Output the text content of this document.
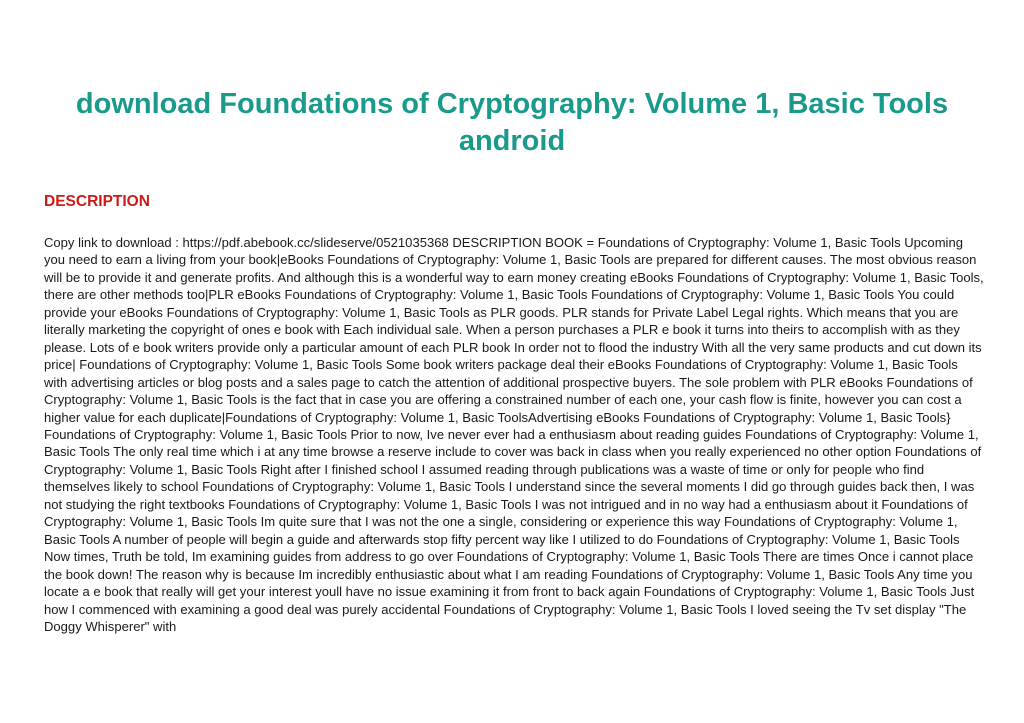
download Foundations of Cryptography: Volume 1, Basic Tools android
DESCRIPTION

Copy link to download : https://pdf.abebook.cc/slideserve/0521035368 DESCRIPTION BOOK = Foundations of Cryptography: Volume 1, Basic Tools Upcoming you need to earn a living from your book|eBooks Foundations of Cryptography: Volume 1, Basic Tools are prepared for different causes. The most obvious reason will be to provide it and generate profits. And although this is a wonderful way to earn money creating eBooks Foundations of Cryptography: Volume 1, Basic Tools, there are other methods too|PLR eBooks Foundations of Cryptography: Volume 1, Basic Tools Foundations of Cryptography: Volume 1, Basic Tools You could provide your eBooks Foundations of Cryptography: Volume 1, Basic Tools as PLR goods. PLR stands for Private Label Legal rights. Which means that you are literally marketing the copyright of ones e book with Each individual sale. When a person purchases a PLR e book it turns into theirs to accomplish with as they please. Lots of e book writers provide only a particular amount of each PLR book In order not to flood the industry With all the very same products and cut down its price| Foundations of Cryptography: Volume 1, Basic Tools Some book writers package deal their eBooks Foundations of Cryptography: Volume 1, Basic Tools with advertising articles or blog posts and a sales page to catch the attention of additional prospective buyers. The sole problem with PLR eBooks Foundations of Cryptography: Volume 1, Basic Tools is the fact that in case you are offering a constrained number of each one, your cash flow is finite, however you can cost a higher value for each duplicate|Foundations of Cryptography: Volume 1, Basic ToolsAdvertising eBooks Foundations of Cryptography: Volume 1, Basic Tools} Foundations of Cryptography: Volume 1, Basic Tools Prior to now, Ive never ever had a enthusiasm about reading guides Foundations of Cryptography: Volume 1, Basic Tools The only real time which i at any time browse a reserve include to cover was back in class when you really experienced no other option Foundations of Cryptography: Volume 1, Basic Tools Right after I finished school I assumed reading through publications was a waste of time or only for people who find themselves likely to school Foundations of Cryptography: Volume 1, Basic Tools I understand since the several moments I did go through guides back then, I was not studying the right textbooks Foundations of Cryptography: Volume 1, Basic Tools I was not intrigued and in no way had a enthusiasm about it Foundations of Cryptography: Volume 1, Basic Tools Im quite sure that I was not the one a single, considering or experience this way Foundations of Cryptography: Volume 1, Basic Tools A number of people will begin a guide and afterwards stop fifty percent way like I utilized to do Foundations of Cryptography: Volume 1, Basic Tools Now times, Truth be told, Im examining guides from address to go over Foundations of Cryptography: Volume 1, Basic Tools There are times Once i cannot place the book down! The reason why is because Im incredibly enthusiastic about what I am reading Foundations of Cryptography: Volume 1, Basic Tools Any time you locate a e book that really will get your interest youll have no issue examining it from front to back again Foundations of Cryptography: Volume 1, Basic Tools Just how I commenced with examining a good deal was purely accidental Foundations of Cryptography: Volume 1, Basic Tools I loved seeing the Tv set display "The Doggy Whisperer" with
